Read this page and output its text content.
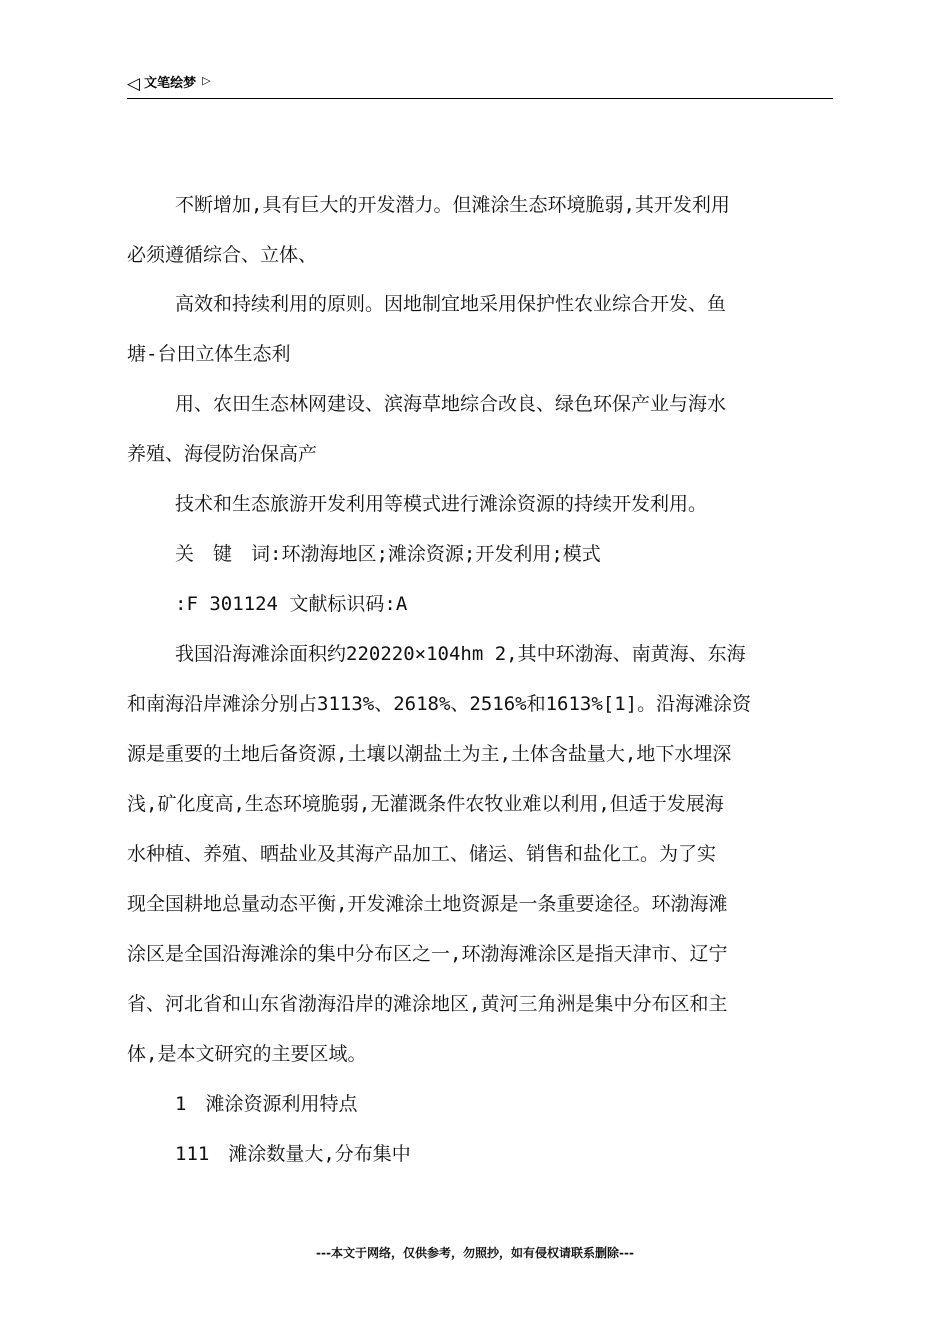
◁ 文笔绘梦 ▷
不断增加,具有巨大的开发潜力。但滩涂生态环境脆弱,其开发利用
必须遵循综合、立体、
高效和持续利用的原则。因地制宜地采用保护性农业综合开发、鱼
塘-台田立体生态利
用、农田生态林网建设、滨海草地综合改良、绿色环保产业与海水
养殖、海侵防治保高产
技术和生态旅游开发利用等模式进行滩涂资源的持续开发利用。
关　键　词:环渤海地区;滩涂资源;开发利用;模式
:F 301124 文献标识码:A
我国沿海滩涂面积约220220×104hm 2,其中环渤海、南黄海、东海
和南海沿岸滩涂分别占3113%、2618%、2516%和1613%[1]。沿海滩涂资
源是重要的土地后备资源,土壤以潮盐土为主,土体含盐量大,地下水埋深
浅,矿化度高,生态环境脆弱,无灌溉条件农牧业难以利用,但适于发展海
水种植、养殖、晒盐业及其海产品加工、储运、销售和盐化工。为了实
现全国耕地总量动态平衡,开发滩涂土地资源是一条重要途径。环渤海滩
涂区是全国沿海滩涂的集中分布区之一,环渤海滩涂区是指天津市、辽宁
省、河北省和山东省渤海沿岸的滩涂地区,黄河三角洲是集中分布区和主
体,是本文研究的主要区域。
1　滩涂资源利用特点
111　滩涂数量大,分布集中
---本文于网络，仅供参考，勿照抄，如有侵权请联系删除---
